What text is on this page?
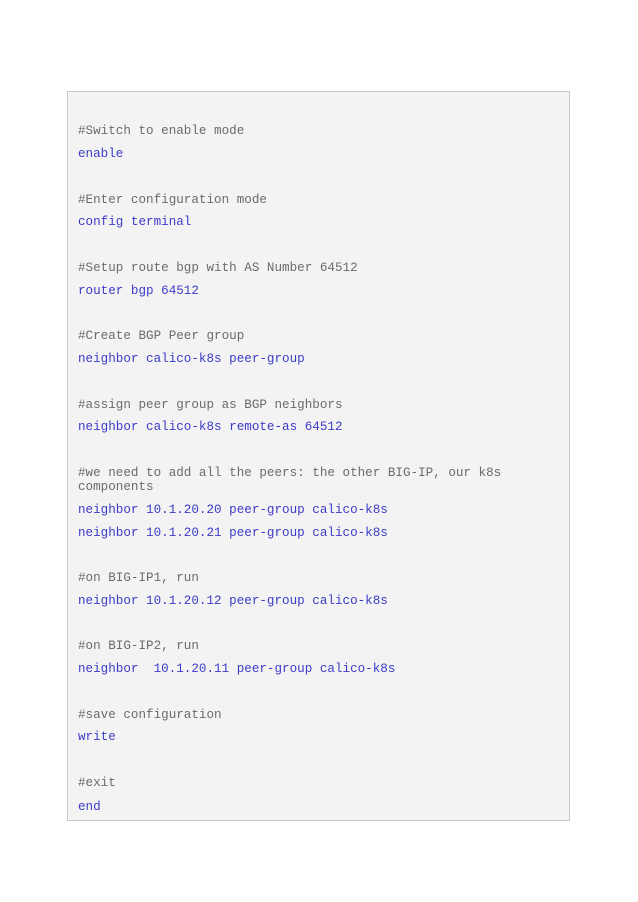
#Switch to enable mode

enable

#Enter configuration mode

config terminal

#Setup route bgp with AS Number 64512

router bgp 64512

#Create BGP Peer group

neighbor calico-k8s peer-group

#assign peer group as BGP neighbors

neighbor calico-k8s remote-as 64512

#we need to add all the peers: the other BIG-IP, our k8s

components

neighbor 10.1.20.20 peer-group calico-k8s

neighbor 10.1.20.21 peer-group calico-k8s

#on BIG-IP1, run

neighbor 10.1.20.12 peer-group calico-k8s

#on BIG-IP2, run

neighbor  10.1.20.11 peer-group calico-k8s

#save configuration

write

#exit

end
